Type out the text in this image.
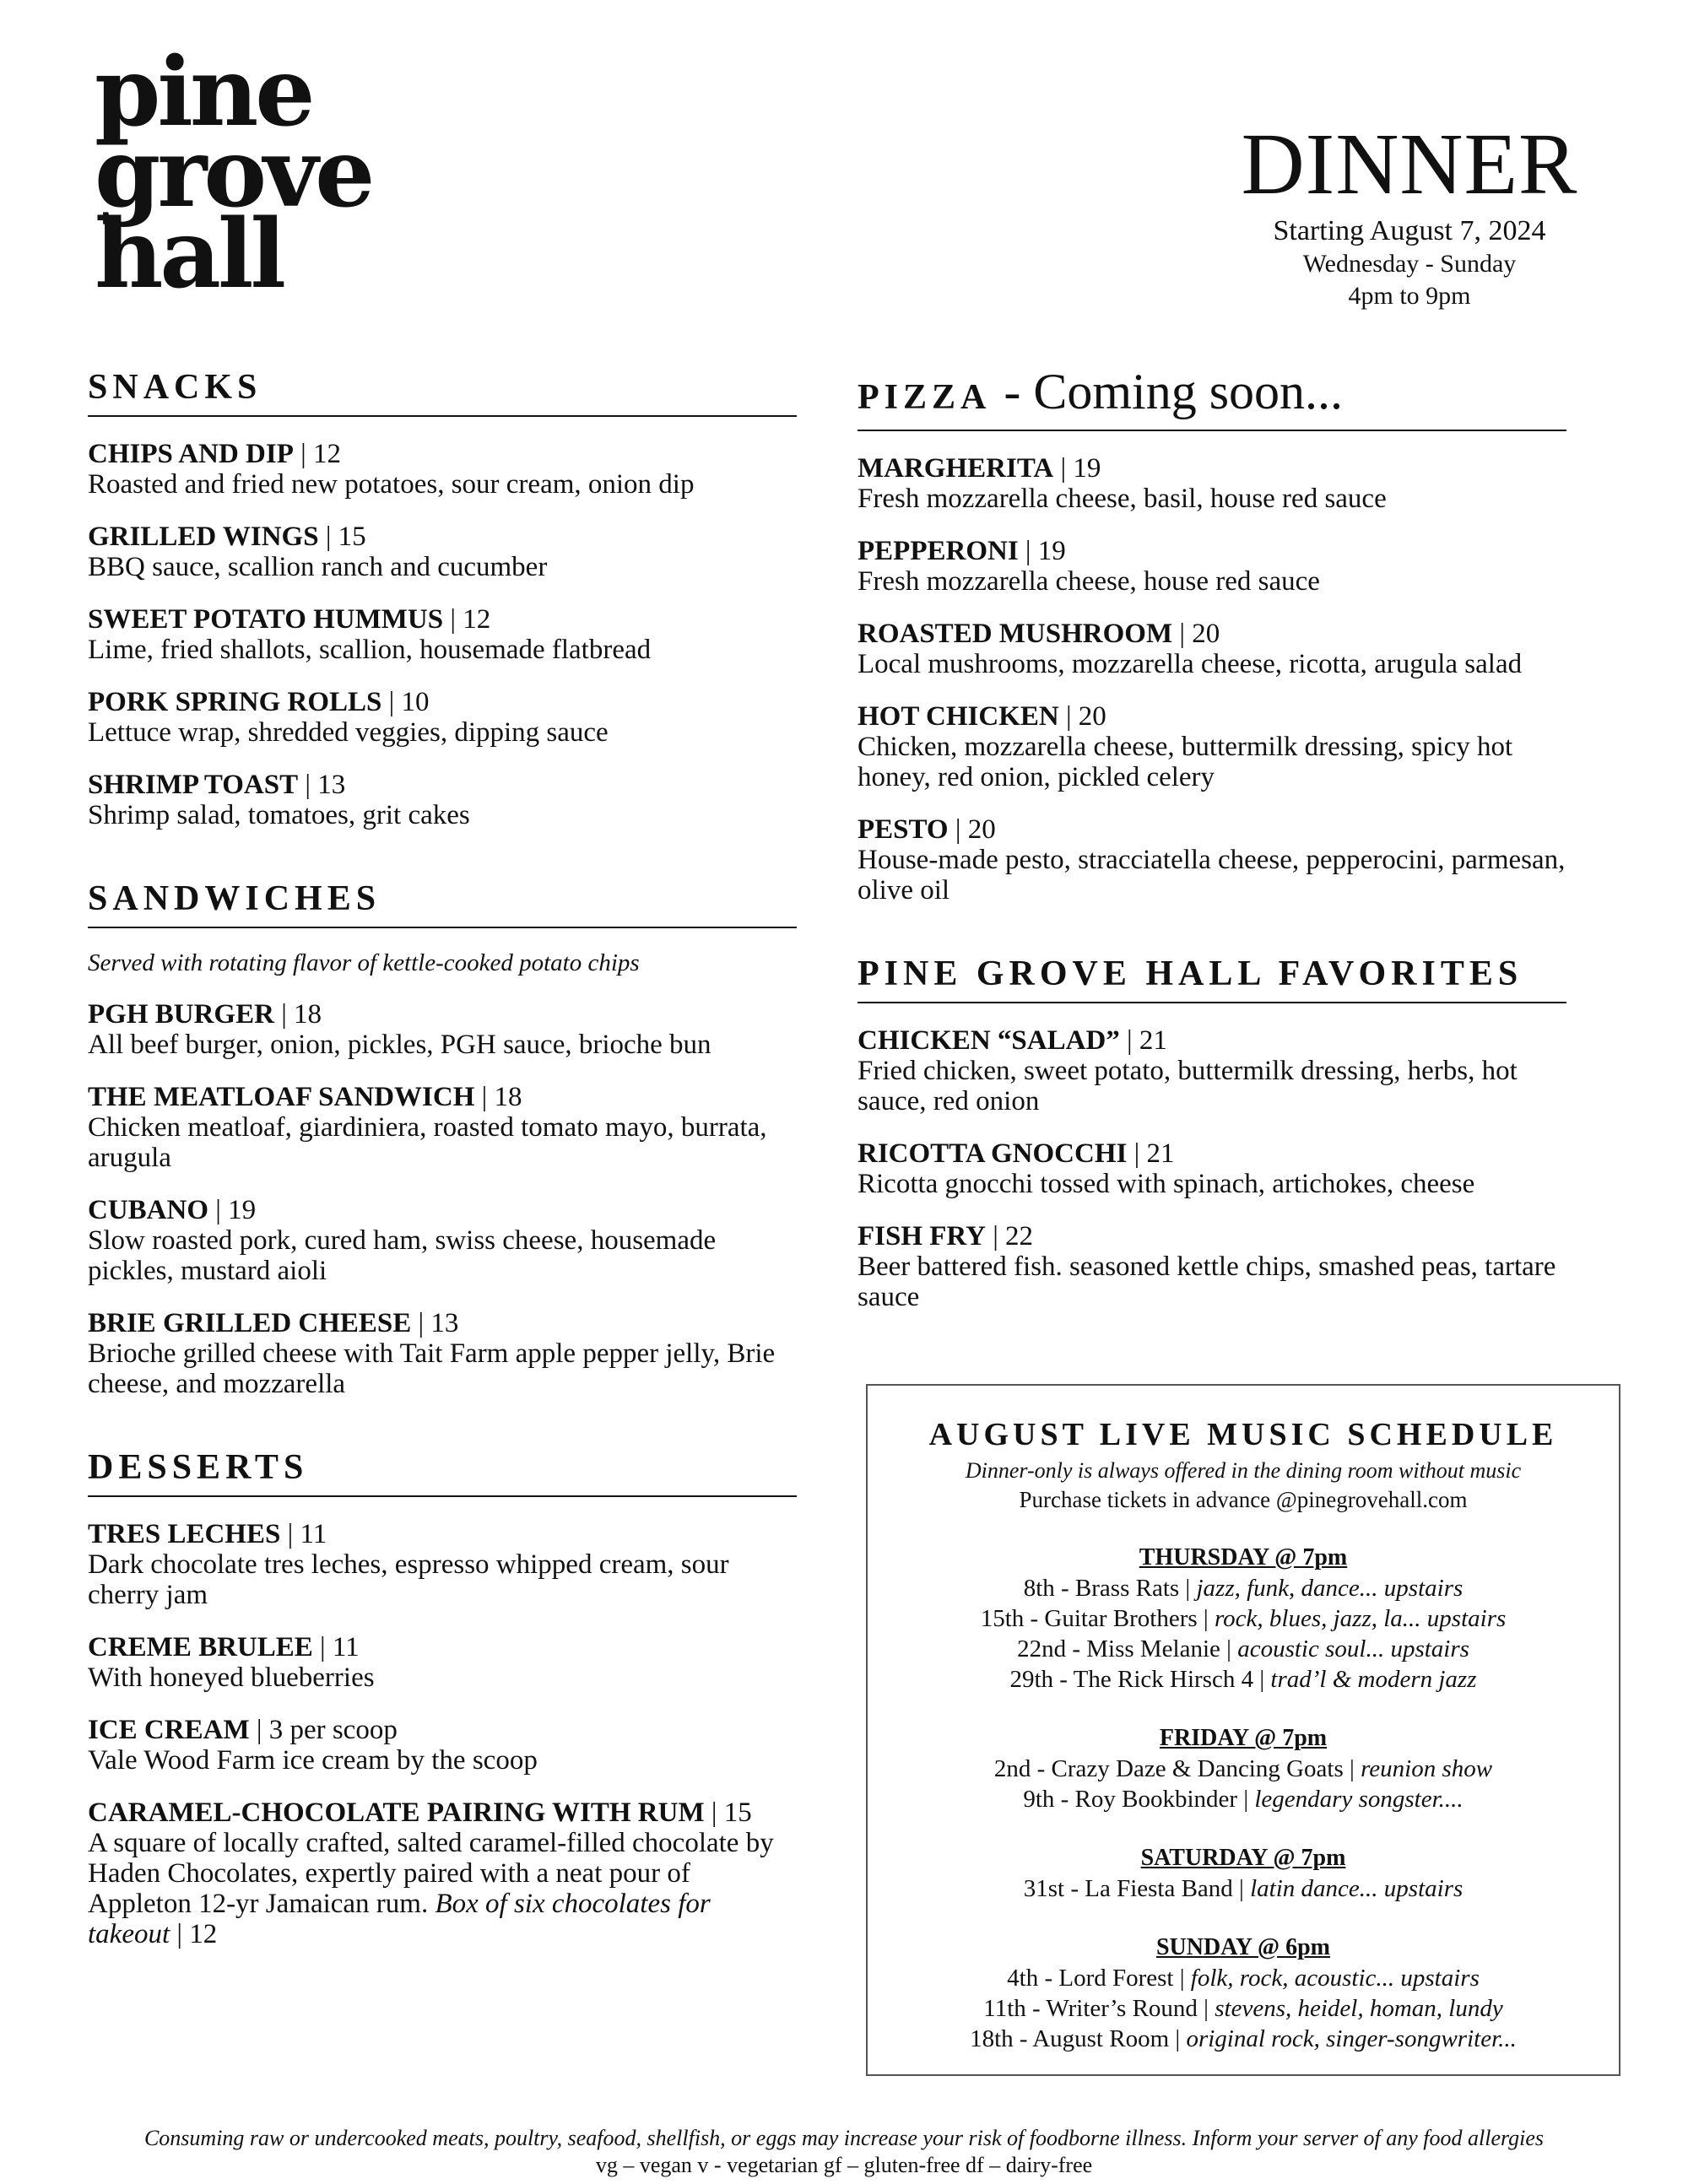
pine
grove
hall
DINNER
Starting August 7, 2024
Wednesday - Sunday
4pm to 9pm
SNACKS
CHIPS AND DIP | 12
Roasted and fried new potatoes, sour cream, onion dip
GRILLED WINGS | 15
BBQ sauce, scallion ranch and cucumber
SWEET POTATO HUMMUS | 12
Lime, fried shallots, scallion, housemade flatbread
PORK SPRING ROLLS | 10
Lettuce wrap, shredded veggies, dipping sauce
SHRIMP TOAST | 13
Shrimp salad, tomatoes, grit cakes
SANDWICHES
Served with rotating flavor of kettle-cooked potato chips
PGH BURGER | 18
All beef burger, onion, pickles, PGH sauce, brioche bun
THE MEATLOAF SANDWICH | 18
Chicken meatloaf, giardiniera, roasted tomato mayo, burrata, arugula
CUBANO | 19
Slow roasted pork, cured ham, swiss cheese, housemade pickles, mustard aioli
BRIE GRILLED CHEESE | 13
Brioche grilled cheese with Tait Farm apple pepper jelly, Brie cheese, and mozzarella
DESSERTS
TRES LECHES | 11
Dark chocolate tres leches, espresso whipped cream, sour cherry jam
CREME BRULEE | 11
With honeyed blueberries
ICE CREAM | 3 per scoop
Vale Wood Farm ice cream by the scoop
CARAMEL-CHOCOLATE PAIRING WITH RUM | 15
A square of locally crafted, salted caramel-filled chocolate by Haden Chocolates, expertly paired with a neat pour of Appleton 12-yr Jamaican rum. Box of six chocolates for takeout | 12
PIZZA - Coming soon...
MARGHERITA | 19
Fresh mozzarella cheese, basil, house red sauce
PEPPERONI | 19
Fresh mozzarella cheese, house red sauce
ROASTED MUSHROOM | 20
Local mushrooms, mozzarella cheese, ricotta, arugula salad
HOT CHICKEN | 20
Chicken, mozzarella cheese, buttermilk dressing, spicy hot honey, red onion, pickled celery
PESTO | 20
House-made pesto, stracciatella cheese, pepperocini, parmesan, olive oil
PINE GROVE HALL FAVORITES
CHICKEN “SALAD” | 21
Fried chicken, sweet potato, buttermilk dressing, herbs, hot sauce, red onion
RICOTTA GNOCCHI | 21
Ricotta gnocchi tossed with spinach, artichokes, cheese
FISH FRY | 22
Beer battered fish. seasoned kettle chips, smashed peas, tartare sauce
AUGUST LIVE MUSIC SCHEDULE
Dinner-only is always offered in the dining room without music
Purchase tickets in advance @pinegrovehall.com
THURSDAY @ 7pm
8th - Brass Rats | jazz, funk, dance... upstairs
15th - Guitar Brothers | rock, blues, jazz, la... upstairs
22nd - Miss Melanie | acoustic soul... upstairs
29th - The Rick Hirsch 4 | trad’l & modern jazz
FRIDAY @ 7pm
2nd - Crazy Daze & Dancing Goats | reunion show
9th - Roy Bookbinder | legendary songster....
SATURDAY @ 7pm
31st - La Fiesta Band | latin dance... upstairs
SUNDAY @ 6pm
4th - Lord Forest | folk, rock, acoustic... upstairs
11th - Writer’s Round | stevens, heidel, homan, lundy
18th - August Room | original rock, singer-songwriter...
Consuming raw or undercooked meats, poultry, seafood, shellfish, or eggs may increase your risk of foodborne illness. Inform your server of any food allergies
vg – vegan v - vegetarian gf – gluten-free df – dairy-free
